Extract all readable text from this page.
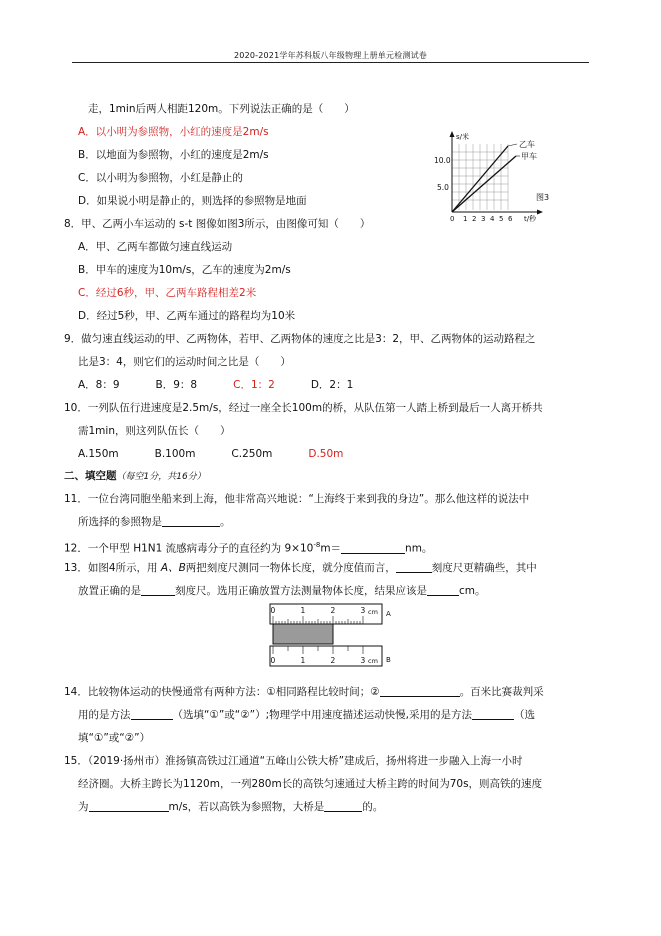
2020-2021学年苏科版八年级物理上册单元检测试卷
走，1min后两人相距120m。下列说法正确的是（　　）
A．以小明为参照物，小红的速度是2m/s
B．以地面为参照物，小红的速度是2m/s
C．以小明为参照物，小红是静止的
D．如果说小明是静止的，则选择的参照物是地面
乙车
甲车
s/米
10.0
5.0
0 1 2 3 4 5 6 t/秒
图3
8．甲、乙两小车运动的 s-t 图像如图3所示，由图像可知（　　）
A．甲、乙两车都做匀速直线运动
B．甲车的速度为10m/s，乙车的速度为2m/s
C．经过6秒，甲、乙两车路程相差2米
D．经过5秒，甲、乙两车通过的路程均为10米
9．做匀速直线运动的甲、乙两物体，若甲、乙两物体的速度之比是3：2，甲、乙两物体的运动路程之
比是3：4，则它们的运动时间之比是（　　）
A．8：9	B．9：8	C．1：2	D．2：1
10．一列队伍行进速度是2.5m/s，经过一座全长100m的桥，从队伍第一人踏上桥到最后一人离开桥共
需1min，则这列队伍长（　　）
A.150m	B.100m	C.250m	D.50m
二、填空题（每空1分，共16分）
11．一位台湾同胞坐船来到上海，他非常高兴地说：“上海终于来到我的身边”。那么他这样的说法中
所选择的参照物是	。
12．一个甲型 H1N1 流感病毒分子的直径约为 $9\times 10^{-8}m=$	nm。
13．如图4所示，用 A、B两把刻度尺测同一物体长度，就分度值而言，	刻度尺更精确些，其中
放置正确的是	刻度尺。选用正确放置方法测量物体长度，结果应该是	cm。
0	1	2	3 cm A
0	1	2	3 cm B
14．比较物体运动的快慢通常有两种方法：①相同路程比较时间；②	。百米比赛裁判采
用的是方法	（选填“①”或“②”）;物理学中用速度描述运动快慢,采用的是方法	（选
填“①”或“②”）
15．（2019·扬州市）淮扬镇高铁过江通道“五峰山公铁大桥”建成后，扬州将进一步融入上海一小时
经济圈。大桥主跨长为1120m，一列280m长的高铁匀速通过大桥主跨的时间为70s，则高铁的速度
为	m/s，若以高铁为参照物，大桥是	的。
